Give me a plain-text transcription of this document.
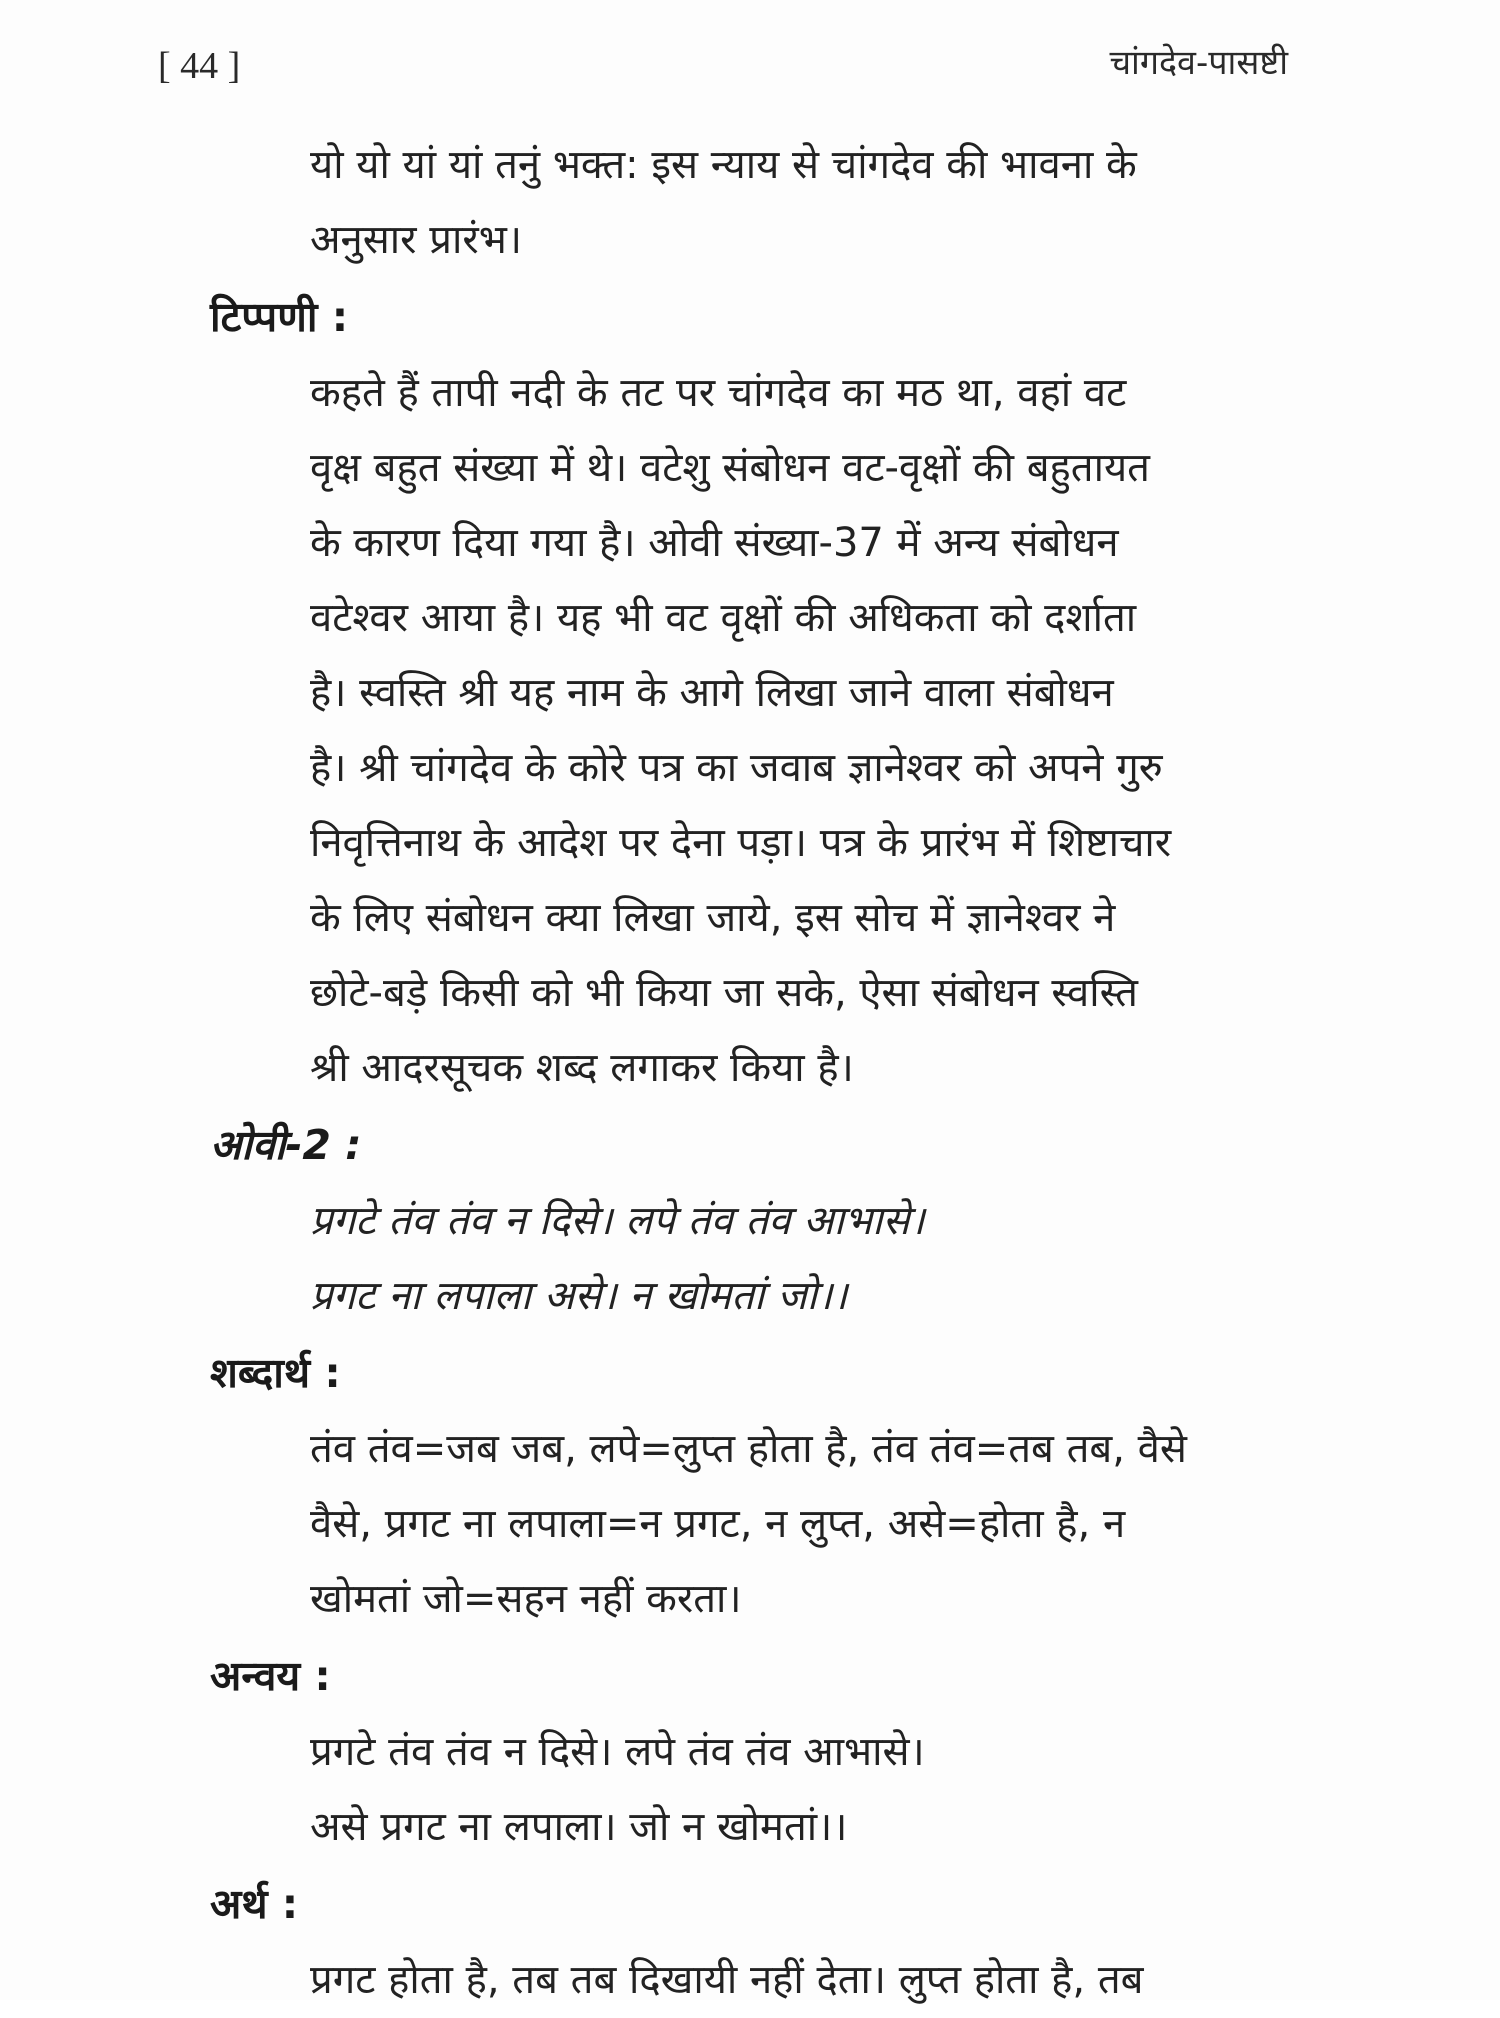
[ 44 ]	चांगदेव-पासष्टी
यो यो यां यां तनुं भक्त: इस न्याय से चांगदेव की भावना के
अनुसार प्रारंभ।
टिप्पणी :
कहते हैं तापी नदी के तट पर चांगदेव का मठ था, वहां वट
वृक्ष बहुत संख्या में थे। वटेशु संबोधन वट-वृक्षों की बहुतायत
के कारण दिया गया है। ओवी संख्या-37 में अन्य संबोधन
वटेश्वर आया है। यह भी वट वृक्षों की अधिकता को दर्शाता
है। स्वस्ति श्री यह नाम के आगे लिखा जाने वाला संबोधन
है। श्री चांगदेव के कोरे पत्र का जवाब ज्ञानेश्वर को अपने गुरु
निवृत्तिनाथ के आदेश पर देना पड़ा। पत्र के प्रारंभ में शिष्टाचार
के लिए संबोधन क्या लिखा जाये, इस सोच में ज्ञानेश्वर ने
छोटे-बड़े किसी को भी किया जा सके, ऐसा संबोधन स्वस्ति
श्री आदरसूचक शब्द लगाकर किया है।
ओवी-2 :
प्रगटे तंव तंव न दिसे। लपे तंव तंव आभासे।
प्रगट ना लपाला असे। न खोमतां जो।।
शब्दार्थ :
तंव तंव=जब जब, लपे=लुप्त होता है, तंव तंव=तब तब, वैसे
वैसे, प्रगट ना लपाला=न प्रगट, न लुप्त, असे=होता है, न
खोमतां जो=सहन नहीं करता।
अन्वय :
प्रगटे तंव तंव न दिसे। लपे तंव तंव आभासे।
असे प्रगट ना लपाला। जो न खोमतां।।
अर्थ :
प्रगट होता है, तब तब दिखायी नहीं देता। लुप्त होता है, तब
